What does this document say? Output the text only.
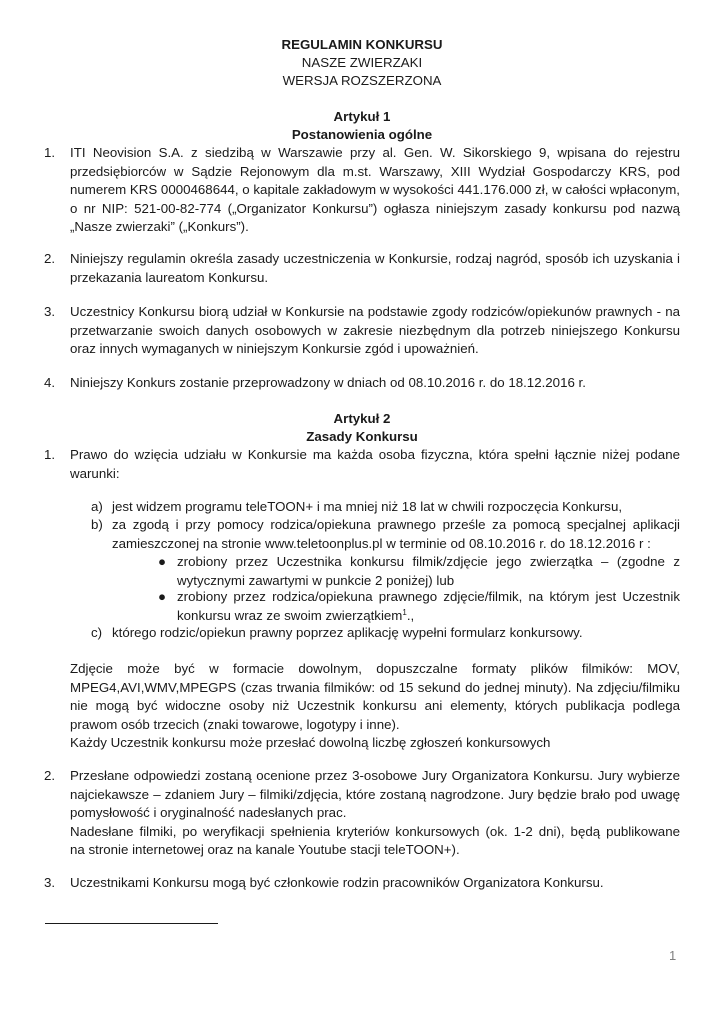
REGULAMIN KONKURSU
NASZE ZWIERZAKI
WERSJA ROZSZERZONA
Artykuł 1
Postanowienia ogólne
1. ITI Neovision S.A. z siedzibą w Warszawie przy al. Gen. W. Sikorskiego 9, wpisana do rejestru
przedsiębiorców w Sądzie Rejonowym dla m.st. Warszawy, XIII Wydział Gospodarczy KRS, pod
numerem KRS 0000468644, o kapitale zakładowym w wysokości 441.176.000 zł, w całości wpłaconym,
o nr NIP: 521-00-82-774 („Organizator Konkursu”) ogłasza niniejszym zasady konkursu pod nazwą
„Nasze zwierzaki” („Konkurs”).
2. Niniejszy regulamin określa zasady uczestniczenia w Konkursie, rodzaj nagród, sposób ich uzyskania i
przekazania laureatom Konkursu.
3. Uczestnicy Konkursu biorą udział w Konkursie na podstawie zgody rodziców/opiekunów prawnych - na
przetwarzanie swoich danych osobowych w zakresie niezbędnym dla potrzeb niniejszego Konkursu
oraz innych wymaganych w niniejszym Konkursie zgód i upoważnień.
4. Niniejszy Konkurs zostanie przeprowadzony w dniach od 08.10.2016 r. do 18.12.2016 r.
Artykuł 2
Zasady Konkursu
1. Prawo do wzięcia udziału w Konkursie ma każda osoba fizyczna, która spełni łącznie niżej podane
warunki:
a) jest widzem programu teleTOON+ i ma mniej niż 18 lat w chwili rozpoczęcia Konkursu,
b) za zgodą i przy pomocy rodzica/opiekuna prawnego prześle za pomocą specjalnej aplikacji
zamieszczonej na stronie www.teletoonplus.pl w terminie od 08.10.2016 r. do 18.12.2016 r :
● zrobiony przez Uczestnika konkursu filmik/zdjęcie jego zwierzątka – (zgodne z
wytycznymi zawartymi w punkcie 2 poniżej) lub
● zrobiony przez rodzica/opiekuna prawnego zdjęcie/filmik, na którym jest Uczestnik
konkursu wraz ze swoim zwierzątkiem$^1$.,
c) którego rodzic/opiekun prawny poprzez aplikację wypełni formularz konkursowy.
Zdjęcie może być w formacie dowolnym, dopuszczalne formaty plików filmików: MOV,
MPEG4,AVI,WMV,MPEGPS (czas trwania filmików: od 15 sekund do jednej minuty). Na zdjęciu/filmiku
nie mogą być widoczne osoby niż Uczestnik konkursu ani elementy, których publikacja podlega
prawom osób trzecich (znaki towarowe, logotypy i inne).
Każdy Uczestnik konkursu może przesłać dowolną liczbę zgłoszeń konkursowych
2. Przesłane odpowiedzi zostaną ocenione przez 3-osobowe Jury Organizatora Konkursu. Jury wybierze
najciekawsze – zdaniem Jury – filmiki/zdjęcia, które zostaną nagrodzone. Jury będzie brało pod uwagę
pomysłowość i oryginalność nadesłanych prac.
Nadesłane filmiki, po weryfikacji spełnienia kryteriów konkursowych (ok. 1-2 dni), będą publikowane
na stronie internetowej oraz na kanale Youtube stacji teleTOON+).
3. Uczestnikami Konkursu mogą być członkowie rodzin pracowników Organizatora Konkursu.
1
